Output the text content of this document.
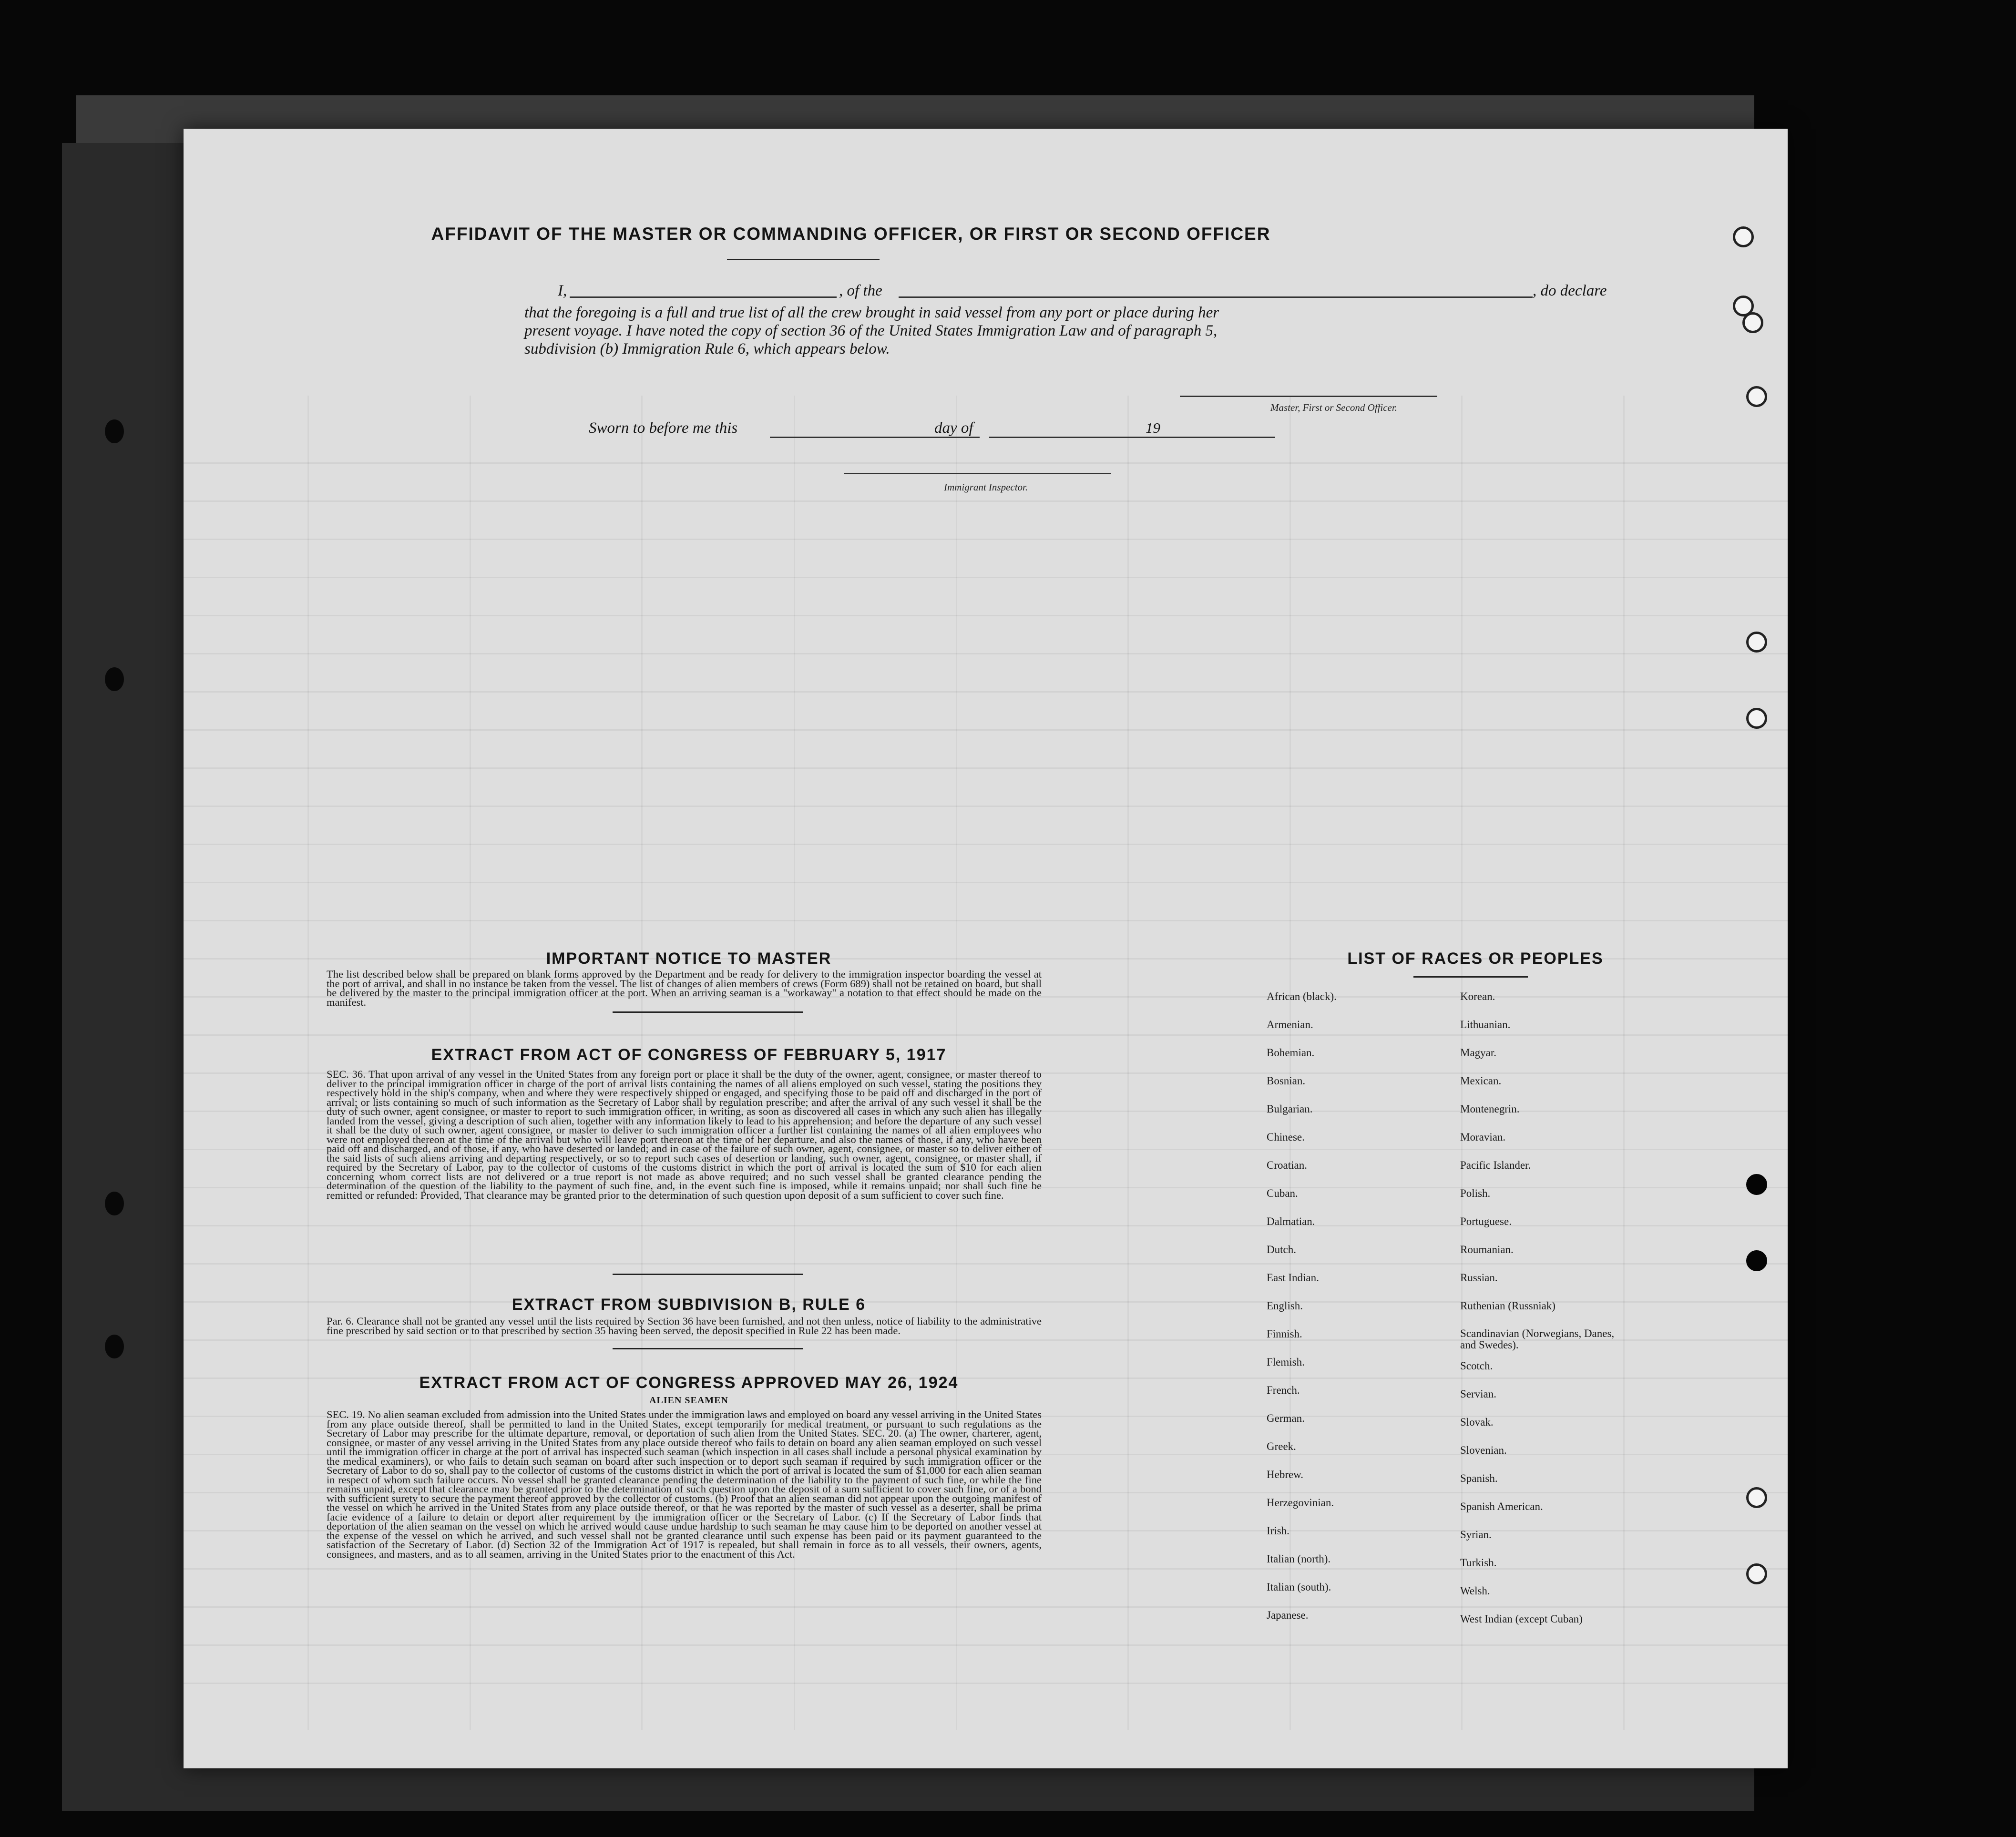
AFFIDAVIT OF THE MASTER OR COMMANDING OFFICER, OR FIRST OR SECOND OFFICER
I,	, of the	, do declare
that the foregoing is a full and true list of all the crew brought in said vessel from any port or place during her
present voyage. I have noted the copy of section 36 of the United States Immigration Law and of paragraph 5,
subdivision (b) Immigration Rule 6, which appears below.
Master, First or Second Officer.
Sworn to before me this	day of	19
Immigrant Inspector.
IMPORTANT NOTICE TO MASTER
The list described below shall be prepared on blank forms approved by the Department and be ready for delivery to the immigration inspector boarding the vessel at the port of arrival, and shall in no instance be taken from the vessel. The list of changes of alien members of crews (Form 689) shall not be retained on board, but shall be delivered by the master to the principal immigration officer at the port. When an arriving seaman is a "workaway" a notation to that effect should be made on the manifest.
EXTRACT FROM ACT OF CONGRESS OF FEBRUARY 5, 1917
SEC. 36. That upon arrival of any vessel in the United States from any foreign port or place it shall be the duty of the owner, agent, consignee, or master thereof to deliver to the principal immigration officer in charge of the port of arrival lists containing the names of all aliens employed on such vessel, stating the positions they respectively hold in the ship's company, when and where they were respectively shipped or engaged, and specifying those to be paid off and discharged in the port of arrival; or lists containing so much of such information as the Secretary of Labor shall by regulation prescribe; and after the arrival of any such vessel it shall be the duty of such owner, agent consignee, or master to report to such immigration officer, in writing, as soon as discovered all cases in which any such alien has illegally landed from the vessel, giving a description of such alien, together with any information likely to lead to his apprehension; and before the departure of any such vessel it shall be the duty of such owner, agent consignee, or master to deliver to such immigration officer a further list containing the names of all alien employees who were not employed thereon at the time of the arrival but who will leave port thereon at the time of her departure, and also the names of those, if any, who have been paid off and discharged, and of those, if any, who have deserted or landed; and in case of the failure of such owner, agent, consignee, or master so to deliver either of the said lists of such aliens arriving and departing respectively, or so to report such cases of desertion or landing, such owner, agent, consignee, or master shall, if required by the Secretary of Labor, pay to the collector of customs of the customs district in which the port of arrival is located the sum of $10 for each alien concerning whom correct lists are not delivered or a true report is not made as above required; and no such vessel shall be granted clearance pending the determination of the question of the liability to the payment of such fine, and, in the event such fine is imposed, while it remains unpaid; nor shall such fine be remitted or refunded: Provided, That clearance may be granted prior to the determination of such question upon deposit of a sum sufficient to cover such fine.
EXTRACT FROM SUBDIVISION B, RULE 6
Par. 6. Clearance shall not be granted any vessel until the lists required by Section 36 have been furnished, and not then unless, notice of liability to the administrative fine prescribed by said section or to that prescribed by section 35 having been served, the deposit specified in Rule 22 has been made.
EXTRACT FROM ACT OF CONGRESS APPROVED MAY 26, 1924
ALIEN SEAMEN
SEC. 19. No alien seaman excluded from admission into the United States under the immigration laws and employed on board any vessel arriving in the United States from any place outside thereof, shall be permitted to land in the United States, except temporarily for medical treatment, or pursuant to such regulations as the Secretary of Labor may prescribe for the ultimate departure, removal, or deportation of such alien from the United States. SEC. 20. (a) The owner, charterer, agent, consignee, or master of any vessel arriving in the United States from any place outside thereof who fails to detain on board any alien seaman employed on such vessel until the immigration officer in charge at the port of arrival has inspected such seaman (which inspection in all cases shall include a personal physical examination by the medical examiners), or who fails to detain such seaman on board after such inspection or to deport such seaman if required by such immigration officer or the Secretary of Labor to do so, shall pay to the collector of customs of the customs district in which the port of arrival is located the sum of $1,000 for each alien seaman in respect of whom such failure occurs. No vessel shall be granted clearance pending the determination of the liability to the payment of such fine, or while the fine remains unpaid, except that clearance may be granted prior to the determination of such question upon the deposit of a sum sufficient to cover such fine, or of a bond with sufficient surety to secure the payment thereof approved by the collector of customs. (b) Proof that an alien seaman did not appear upon the outgoing manifest of the vessel on which he arrived in the United States from any place outside thereof, or that he was reported by the master of such vessel as a deserter, shall be prima facie evidence of a failure to detain or deport after requirement by the immigration officer or the Secretary of Labor. (c) If the Secretary of Labor finds that deportation of the alien seaman on the vessel on which he arrived would cause undue hardship to such seaman he may cause him to be deported on another vessel at the expense of the vessel on which he arrived, and such vessel shall not be granted clearance until such expense has been paid or its payment guaranteed to the satisfaction of the Secretary of Labor. (d) Section 32 of the Immigration Act of 1917 is repealed, but shall remain in force as to all vessels, their owners, agents, consignees, and masters, and as to all seamen, arriving in the United States prior to the enactment of this Act.
LIST OF RACES OR PEOPLES
African (black).
Armenian.
Bohemian.
Bosnian.
Bulgarian.
Chinese.
Croatian.
Cuban.
Dalmatian.
Dutch.
East Indian.
English.
Finnish.
Flemish.
French.
German.
Greek.
Hebrew.
Herzegovinian.
Irish.
Italian (north).
Italian (south).
Japanese.
Korean.
Lithuanian.
Magyar.
Mexican.
Montenegrin.
Moravian.
Pacific Islander.
Polish.
Portuguese.
Roumanian.
Russian.
Ruthenian (Russniak)
Scandinavian (Norwegians, Danes, and Swedes).
Scotch.
Servian.
Slovak.
Slovenian.
Spanish.
Spanish American.
Syrian.
Turkish.
Welsh.
West Indian (except Cuban)
